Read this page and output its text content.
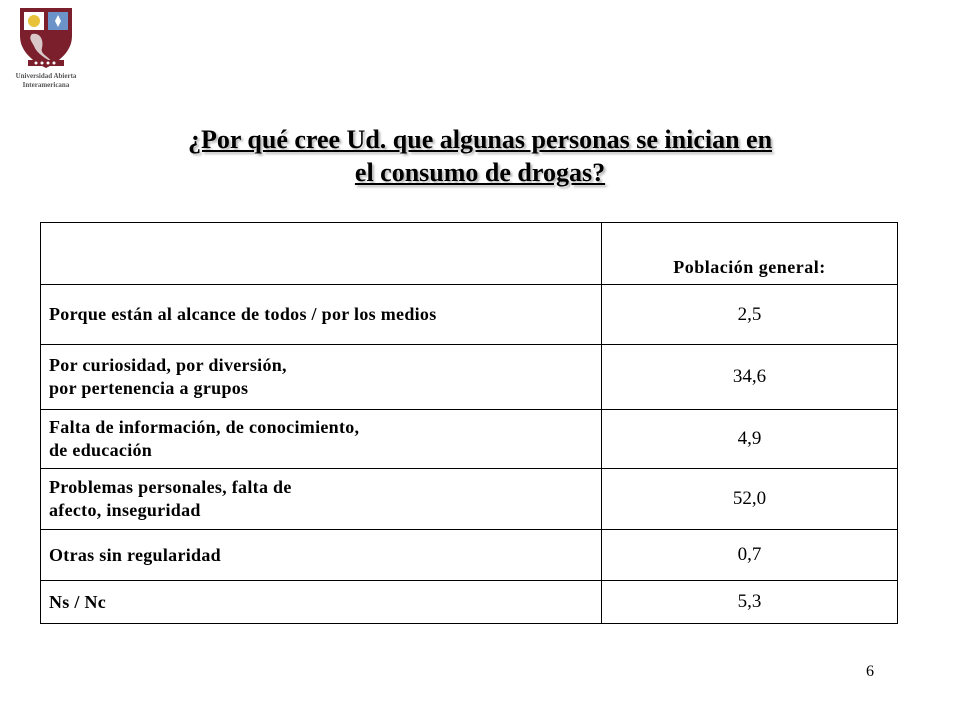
Universidad Abierta
Interamericana
¿Por qué cree Ud. que algunas personas se inician en
el consumo de drogas?
	Población general:

Porque están al alcance de todos / por los medios	2,5

Por curiosidad, por diversión,
por pertenencia a grupos	34,6

Falta de información, de conocimiento,
de educación	4,9

Problemas personales, falta de
afecto, inseguridad	52,0

Otras sin regularidad	0,7

Ns / Nc	5,3
6
